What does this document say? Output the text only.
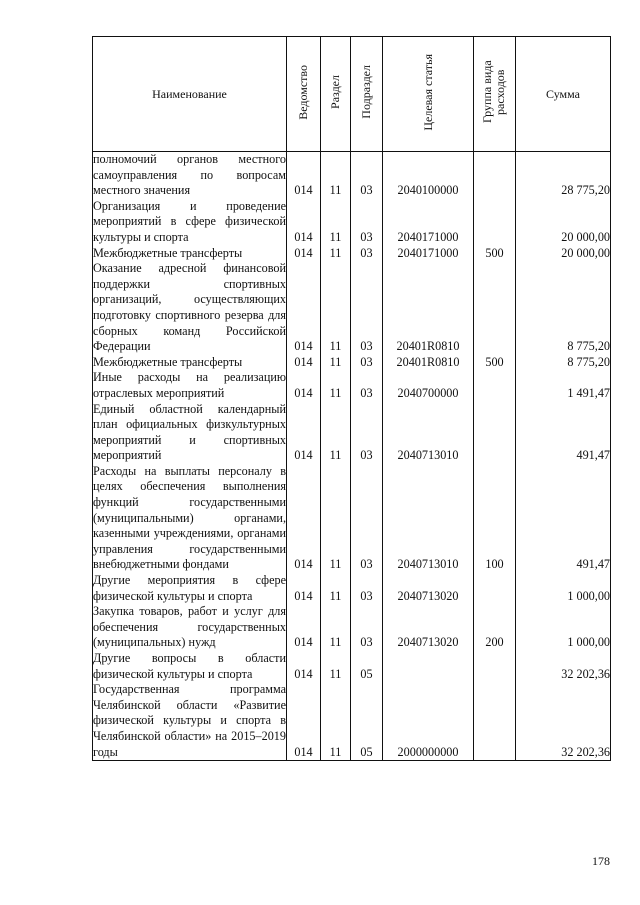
Наименование	Ведомство	Раздел	Подраздел	Целевая статья	Группа вида расходов	Сумма
полномочий органов местного самоуправления по вопросам местного значения	014	11	03	2040100000		28 775,20
Организация и проведение мероприятий в сфере физической культуры и спорта	014	11	03	2040171000		20 000,00
Межбюджетные трансферты	014	11	03	2040171000	500	20 000,00
Оказание адресной финансовой поддержки спортивных организаций, осуществляющих подготовку спортивного резерва для сборных команд Российской Федерации	014	11	03	20401R0810		8 775,20
Межбюджетные трансферты	014	11	03	20401R0810	500	8 775,20
Иные расходы на реализацию отраслевых мероприятий	014	11	03	2040700000		1 491,47
Единый областной календарный план официальных физкультурных мероприятий и спортивных мероприятий	014	11	03	2040713010		491,47
Расходы на выплаты персоналу в целях обеспечения выполнения функций государственными (муниципальными) органами, казенными учреждениями, органами управления государственными внебюджетными фондами	014	11	03	2040713010	100	491,47
Другие мероприятия в сфере физической культуры и спорта	014	11	03	2040713020		1 000,00
Закупка товаров, работ и услуг для обеспечения государственных (муниципальных) нужд	014	11	03	2040713020	200	1 000,00
Другие вопросы в области физической культуры и спорта	014	11	05			32 202,36
Государственная программа Челябинской области «Развитие физической культуры и спорта в Челябинской области» на 2015–2019 годы	014	11	05	2000000000		32 202,36
178
